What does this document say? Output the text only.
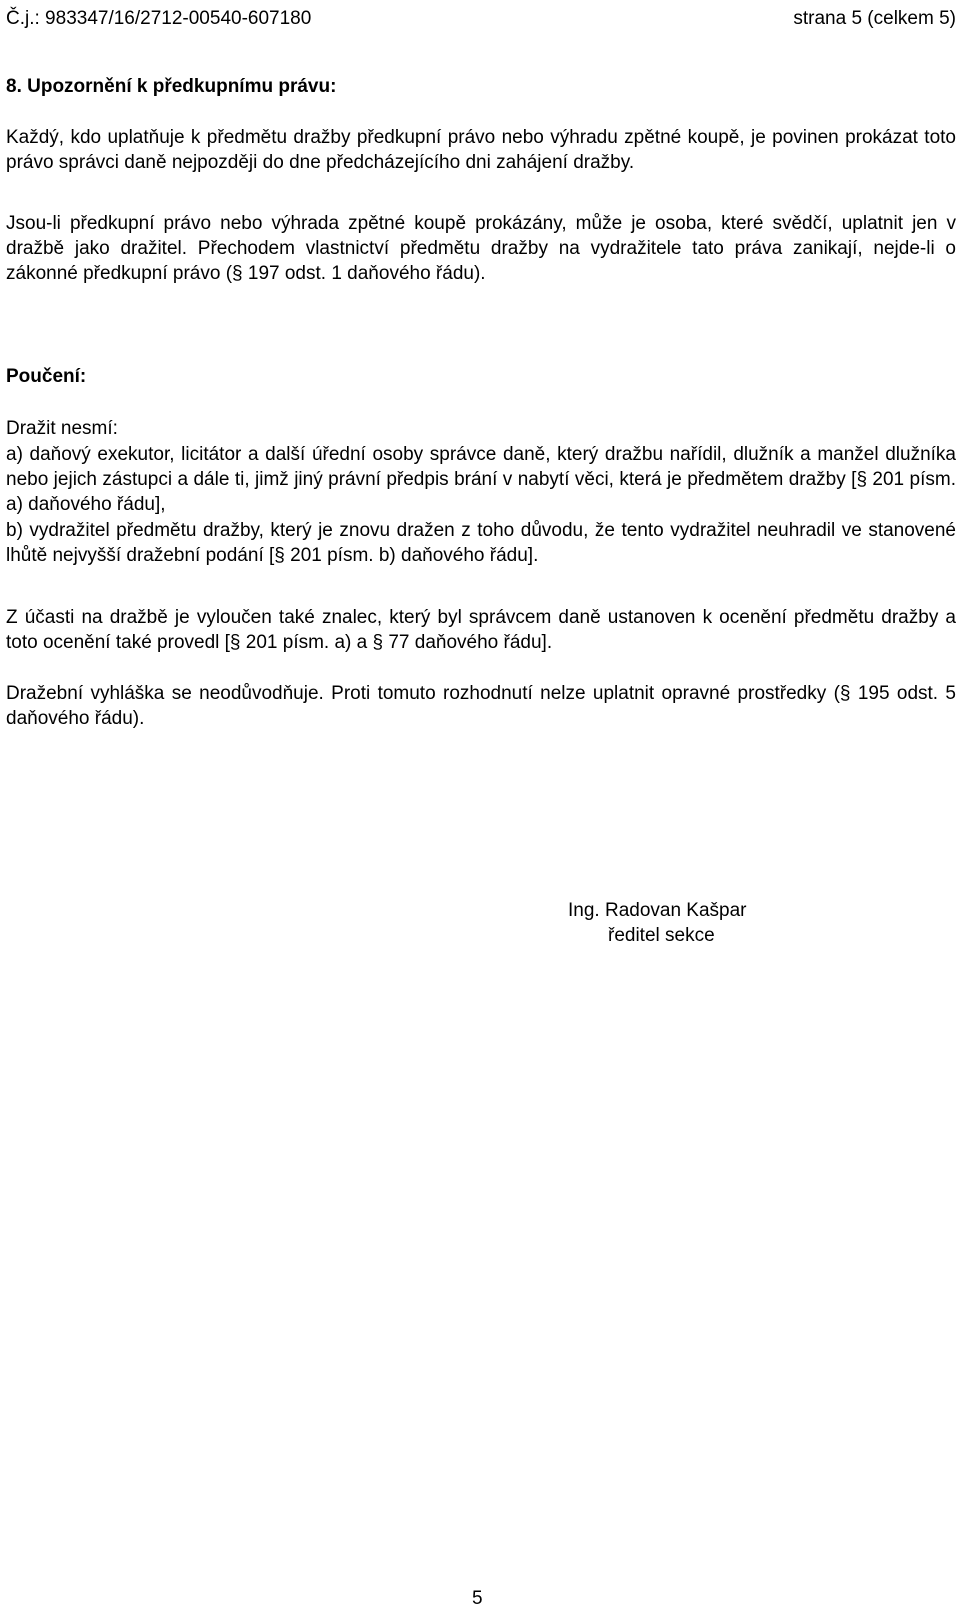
Č.j.: 983347/16/2712-00540-607180	strana 5 (celkem 5)
8. Upozornění k předkupnímu právu:
Každý, kdo uplatňuje k předmětu dražby předkupní právo nebo výhradu zpětné koupě, je povinen prokázat toto právo správci daně nejpozději do dne předcházejícího dni zahájení dražby.
Jsou-li předkupní právo nebo výhrada zpětné koupě prokázány, může je osoba, které svědčí, uplatnit jen v dražbě jako dražitel. Přechodem vlastnictví předmětu dražby na vydražitele tato práva zanikají, nejde-li o zákonné předkupní právo (§ 197 odst. 1 daňového řádu).
Poučení:
Dražit nesmí:
a) daňový exekutor, licitátor a další úřední osoby správce daně, který dražbu nařídil, dlužník a manžel dlužníka nebo jejich zástupci a dále ti, jimž jiný právní předpis brání v nabytí věci, která je předmětem dražby [§ 201 písm. a) daňového řádu],
b) vydražitel předmětu dražby, který je znovu dražen z toho důvodu, že tento vydražitel neuhradil ve stanovené lhůtě nejvyšší dražební podání [§ 201 písm. b) daňového řádu].
Z účasti na dražbě je vyloučen také znalec, který byl správcem daně ustanoven k ocenění předmětu dražby a toto ocenění také provedl [§ 201 písm. a) a § 77 daňového řádu].
Dražební vyhláška se neodůvodňuje. Proti tomuto rozhodnutí nelze uplatnit opravné prostředky (§ 195 odst. 5 daňového řádu).
Ing. Radovan Kašpar
ředitel sekce
5
